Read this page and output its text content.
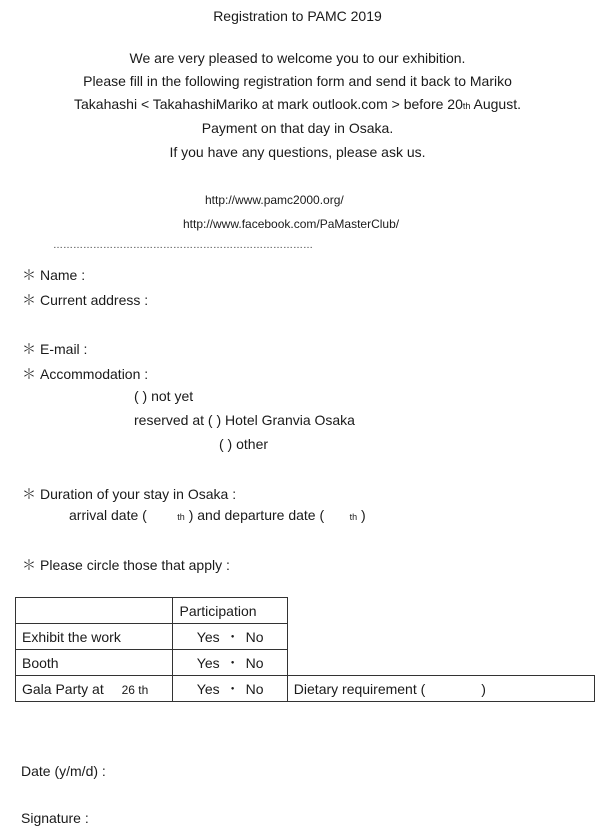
Registration to PAMC 2019
We are very pleased to welcome you to our exhibition.
Please fill in the following registration form and send it back to Mariko
Takahashi < TakahashiMariko at mark outlook.com > before 20th August.
Payment on that day in Osaka.
If you have any questions, please ask us.
http://www.pamc2000.org/
http://www.facebook.com/PaMasterClub/
……………………………………………………………………
＊ Name :
＊ Current address :
＊ E-mail :
＊ Accommodation :
( ) not yet
reserved at ( ) Hotel Granvia Osaka
( ) other
＊ Duration of your stay in Osaka :
arrival date (	th ) and departure date (	th )
＊ Please circle those that apply :
	Participation	
Exhibit the work	Yes ・ No	
Booth	Yes ・ No	
Gala Party at 26 th	Yes ・ No	Dietary requirement ( )
Date (y/m/d) :
Signature :
